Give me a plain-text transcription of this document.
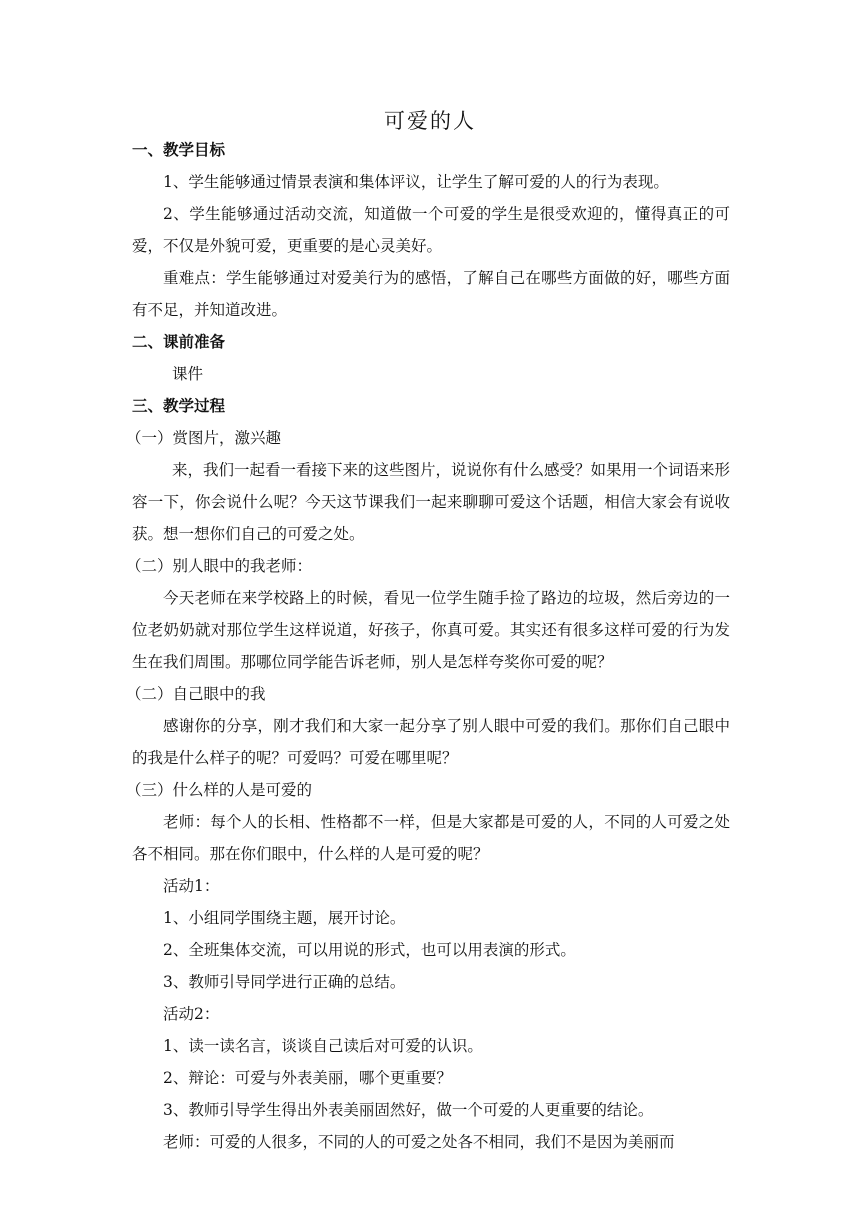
可爱的人

一、教学目标

1、学生能够通过情景表演和集体评议，让学生了解可爱的人的行为表现。

2、学生能够通过活动交流，知道做一个可爱的学生是很受欢迎的，懂得真正的可爱，不仅是外貌可爱，更重要的是心灵美好。

重难点：学生能够通过对爱美行为的感悟，了解自己在哪些方面做的好，哪些方面有不足，并知道改进。

二、课前准备

课件

三、教学过程

（一）赏图片，激兴趣

来，我们一起看一看接下来的这些图片，说说你有什么感受？如果用一个词语来形容一下，你会说什么呢？今天这节课我们一起来聊聊可爱这个话题，相信大家会有说收获。想一想你们自己的可爱之处。

（二）别人眼中的我老师：

今天老师在来学校路上的时候，看见一位学生随手捡了路边的垃圾，然后旁边的一位老奶奶就对那位学生这样说道，好孩子，你真可爱。其实还有很多这样可爱的行为发生在我们周围。那哪位同学能告诉老师，别人是怎样夸奖你可爱的呢？

（二）自己眼中的我

感谢你的分享，刚才我们和大家一起分享了别人眼中可爱的我们。那你们自己眼中的我是什么样子的呢？可爱吗？可爱在哪里呢？

（三）什么样的人是可爱的

老师：每个人的长相、性格都不一样，但是大家都是可爱的人，不同的人可爱之处各不相同。那在你们眼中，什么样的人是可爱的呢？

活动1：

1、小组同学围绕主题，展开讨论。

2、全班集体交流，可以用说的形式，也可以用表演的形式。

3、教师引导同学进行正确的总结。

活动2：

1、读一读名言，谈谈自己读后对可爱的认识。

2、辩论：可爱与外表美丽，哪个更重要？

3、教师引导学生得出外表美丽固然好，做一个可爱的人更重要的结论。

老师：可爱的人很多，不同的人的可爱之处各不相同，我们不是因为美丽而
